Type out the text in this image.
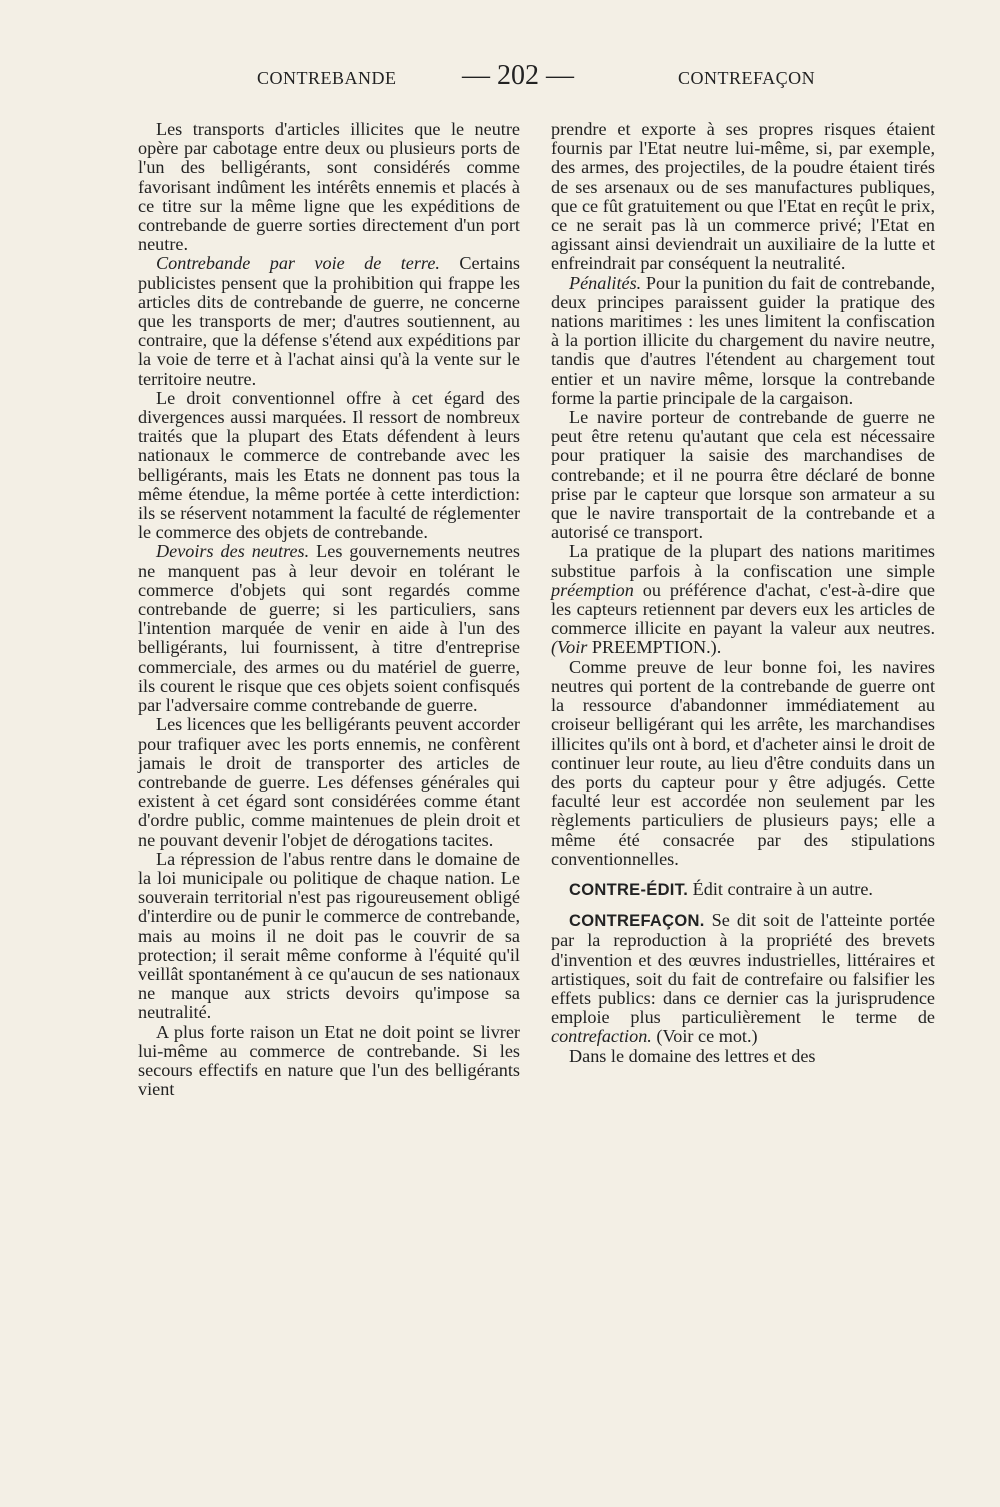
CONTREBANDE — 202 —	CONTREFAÇON

Les transports d'articles illicites que le neutre opère par cabotage entre deux ou plusieurs ports de l'un des belligérants, sont considérés comme favorisant indûment les intérêts ennemis et placés à ce titre sur la même ligne que les expéditions de contrebande de guerre sorties directement d'un port neutre.

Contrebande par voie de terre. Certains publicistes pensent que la prohibition qui frappe les articles dits de contrebande de guerre, ne concerne que les transports de mer; d'autres soutiennent, au contraire, que la défense s'étend aux expéditions par la voie de terre et à l'achat ainsi qu'à la vente sur le territoire neutre.

Le droit conventionnel offre à cet égard des divergences aussi marquées. Il ressort de nombreux traités que la plupart des Etats défendent à leurs nationaux le commerce de contrebande avec les belligérants, mais les Etats ne donnent pas tous la même étendue, la même portée à cette interdiction: ils se réservent notamment la faculté de réglementer le commerce des objets de contrebande.

Devoirs des neutres. Les gouvernements neutres ne manquent pas à leur devoir en tolérant le commerce d'objets qui sont regardés comme contrebande de guerre; si les particuliers, sans l'intention marquée de venir en aide à l'un des belligérants, lui fournissent, à titre d'entreprise commerciale, des armes ou du matériel de guerre, ils courent le risque que ces objets soient confisqués par l'adversaire comme contrebande de guerre.

Les licences que les belligérants peuvent accorder pour trafiquer avec les ports ennemis, ne confèrent jamais le droit de transporter des articles de contrebande de guerre. Les défenses générales qui existent à cet égard sont considérées comme étant d'ordre public, comme maintenues de plein droit et ne pouvant devenir l'objet de dérogations tacites.

La répression de l'abus rentre dans le domaine de la loi municipale ou politique de chaque nation. Le souverain territorial n'est pas rigoureusement obligé d'interdire ou de punir le commerce de contrebande, mais au moins il ne doit pas le couvrir de sa protection; il serait même conforme à l'équité qu'il veillât spontanément à ce qu'aucun de ses nationaux ne manque aux stricts devoirs qu'impose sa neutralité.

A plus forte raison un Etat ne doit point se livrer lui-même au commerce de contrebande. Si les secours effectifs en nature que l'un des belligérants vient

prendre et exporte à ses propres risques étaient fournis par l'Etat neutre lui-même, si, par exemple, des armes, des projectiles, de la poudre étaient tirés de ses arsenaux ou de ses manufactures publiques, que ce fût gratuitement ou que l'Etat en reçût le prix, ce ne serait pas là un commerce privé; l'Etat en agissant ainsi deviendrait un auxiliaire de la lutte et enfreindrait par conséquent la neutralité.

Pénalités. Pour la punition du fait de contrebande, deux principes paraissent guider la pratique des nations maritimes : les unes limitent la confiscation à la portion illicite du chargement du navire neutre, tandis que d'autres l'étendent au chargement tout entier et un navire même, lorsque la contrebande forme la partie principale de la cargaison.

Le navire porteur de contrebande de guerre ne peut être retenu qu'autant que cela est nécessaire pour pratiquer la saisie des marchandises de contrebande; et il ne pourra être déclaré de bonne prise par le capteur que lorsque son armateur a su que le navire transportait de la contrebande et a autorisé ce transport.

La pratique de la plupart des nations maritimes substitue parfois à la confiscation une simple préemption ou préférence d'achat, c'est-à-dire que les capteurs retiennent par devers eux les articles de commerce illicite en payant la valeur aux neutres. (Voir PREEMPTION.).

Comme preuve de leur bonne foi, les navires neutres qui portent de la contrebande de guerre ont la ressource d'abandonner immédiatement au croiseur belligérant qui les arrête, les marchandises illicites qu'ils ont à bord, et d'acheter ainsi le droit de continuer leur route, au lieu d'être conduits dans un des ports du capteur pour y être adjugés. Cette faculté leur est accordée non seulement par les règlements particuliers de plusieurs pays; elle a même été consacrée par des stipulations conventionnelles.

CONTRE-ÉDIT. Édit contraire à un autre.

CONTREFAÇON. Se dit soit de l'atteinte portée par la reproduction à la propriété des brevets d'invention et des œuvres industrielles, littéraires et artistiques, soit du fait de contrefaire ou falsifier les effets publics: dans ce dernier cas la jurisprudence emploie plus particulièrement le terme de contrefaction. (Voir ce mot.)

Dans le domaine des lettres et des
